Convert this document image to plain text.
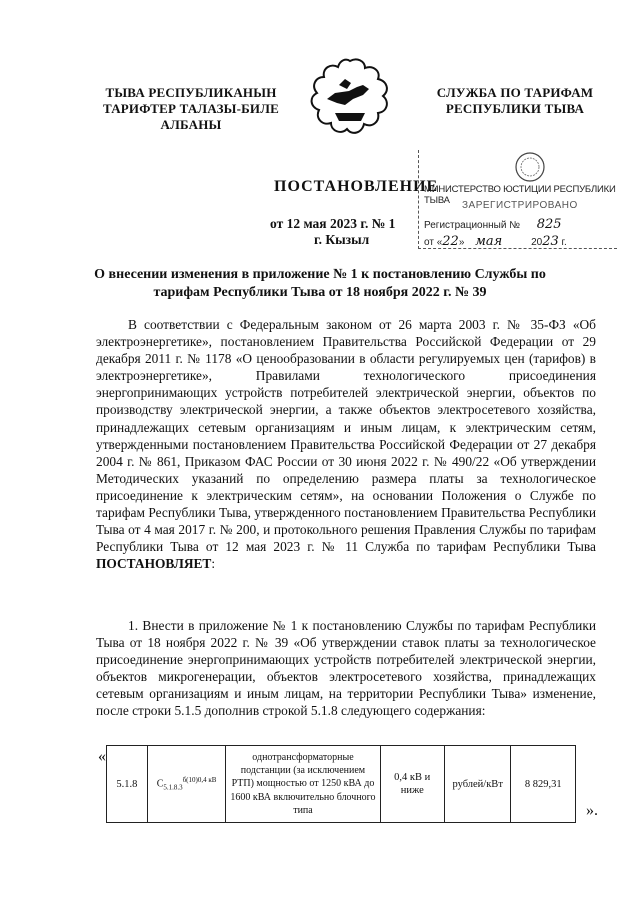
ТЫВА РЕСПУБЛИКАНЫН ТАРИФТЕР ТАЛАЗЫ-БИЛЕ АЛБАНЫ
СЛУЖБА ПО ТАРИФАМ РЕСПУБЛИКИ ТЫВА
ПОСТАНОВЛЕНИЕ
от 12 мая 2023 г. № 1
г. Кызыл
МИНИСТЕРСТВО ЮСТИЦИИ РЕСПУБЛИКИ ТЫВА	ЗАРЕГИСТРИРОВАНО
Регистрационный № 825
от «22» мая	2023 г.
О внесении изменения в приложение № 1 к постановлению Службы по тарифам Республики Тыва от 18 ноября 2022 г. № 39
В соответствии с Федеральным законом от 26 марта 2003 г. № 35-ФЗ «Об электроэнергетике», постановлением Правительства Российской Федерации от 29 декабря 2011 г. № 1178 «О ценообразовании в области регулируемых цен (тарифов) в электроэнергетике», Правилами технологического присоединения энергопринимающих устройств потребителей электрической энергии, объектов по производству электрической энергии, а также объектов электросетевого хозяйства, принадлежащих сетевым организациям и иным лицам, к электрическим сетям, утвержденными постановлением Правительства Российской Федерации от 27 декабря 2004 г. № 861, Приказом ФАС России от 30 июня 2022 г. № 490/22 «Об утверждении Методических указаний по определению размера платы за технологическое присоединение к электрическим сетям», на основании Положения о Службе по тарифам Республики Тыва, утвержденного постановлением Правительства Республики Тыва от 4 мая 2017 г. № 200, и протокольного решения Правления Службы по тарифам Республики Тыва от 12 мая 2023 г. № 11 Служба по тарифам Республики Тыва ПОСТАНОВЛЯЕТ:
1. Внести в приложение № 1 к постановлению Службы по тарифам Республики Тыва от 18 ноября 2022 г. № 39 «Об утверждении ставок платы за технологическое присоединение энергопринимающих устройств потребителей электрической энергии, объектов микрогенерации, объектов электросетевого хозяйства, принадлежащих сетевым организациям и иным лицам, на территории Республики Тыва» изменение, после строки 5.1.5 дополнив строкой 5.1.8 следующего содержания:
«
5.1.8	$C_{5.1.8.3}^{б(10)0,4 кВ}$	однотрансформаторные подстанции (за исключением РТП) мощностью от 1250 кВА до 1600 кВА включительно блочного типа	0,4 кВ и ниже	рублей/кВт	8 829,31
».
